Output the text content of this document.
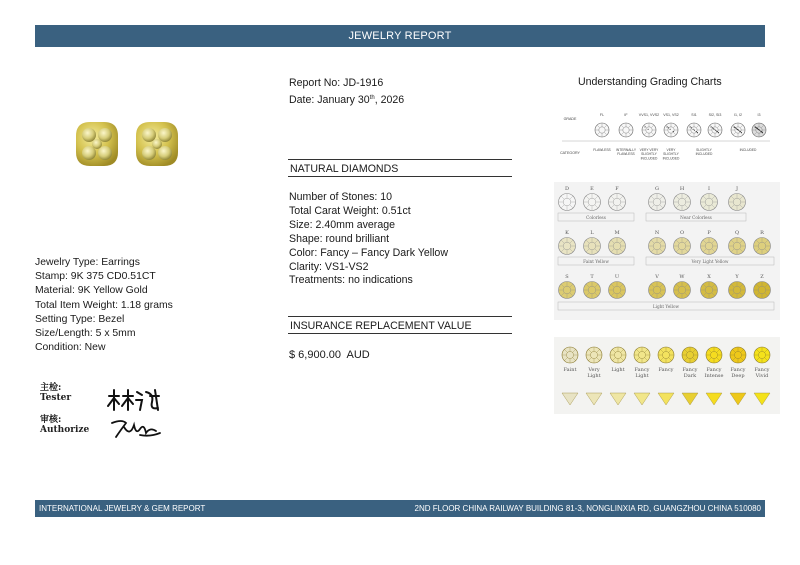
JEWELRY REPORT
Jewelry Type: Earrings
Stamp: 9K 375 CD0.51CT
Material: 9K Yellow Gold
Total Item Weight: 1.18 grams
Setting Type: Bezel
Size/Length: 5 x 5mm
Condition: New
主检:
Tester
审核:
Authorize
Report No: JD-1916
Date: January 30th, 2026
NATURAL DIAMONDS
Number of Stones: 10
Total Carat Weight: 0.51ct
Size: 2.40mm average
Shape: round brilliant
Color: Fancy – Fancy Dark Yellow
Clarity: VS1-VS2
Treatments: no indications
INSURANCE REPLACEMENT VALUE
$ 6,900.00 AUD
Understanding Grading Charts
GRADE
CATEGORY
FL	IF	VVS1, VVS2 VS1, VS2	SI1	SI2, SI3	I1, I2	I3
FLAWLESS INTERNALLY
FLAWLESS
VERY VERY
SLIGHTLY
INCLUDED
VERY
SLIGHTLY
INCLUDED
SLIGHTLY
INCLUDED
INCLUDED
D	E	F	G	H	I	J
K	L	M	N	O	P	Q	R
S	T	U	V	W	X	Y	Z
Colorless	Near Colorless
Faint Yellow	Very Light Yellow
Light Yellow
Faint Very
Light
Light Fancy
Light
Fancy Fancy
Dark
Fancy
Intense
Fancy
Deep
Fancy
Vivid
INTERNATIONAL JEWELRY & GEM REPORT	2ND FLOOR CHINA RAILWAY BUILDING 81-3, NONGLINXIA RD, GUANGZHOU CHINA 510080
